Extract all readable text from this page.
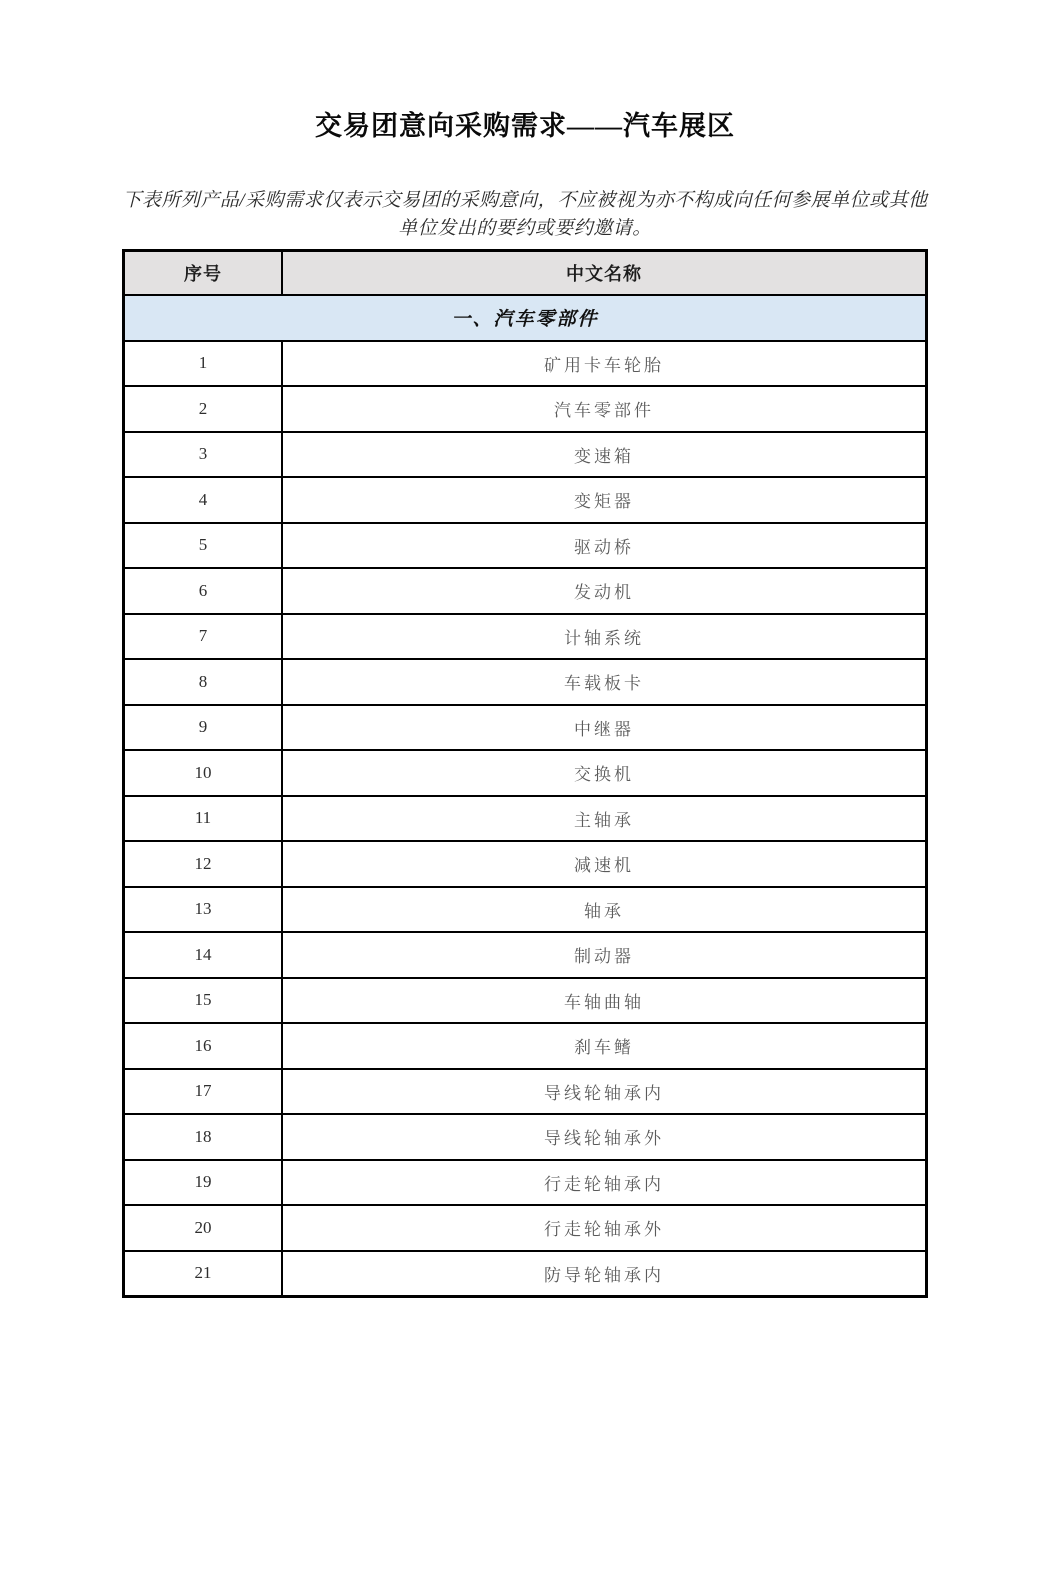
交易团意向采购需求——汽车展区

下表所列产品/采购需求仅表示交易团的采购意向，不应被视为亦不构成向任何参展单位或其他单位发出的要约或要约邀请。

序号	中文名称
一、汽车零部件	
1	矿用卡车轮胎
2	汽车零部件
3	变速箱
4	变矩器
5	驱动桥
6	发动机
7	计轴系统
8	车载板卡
9	中继器
10	交换机
11	主轴承
12	减速机
13	轴承
14	制动器
15	车轴曲轴
16	刹车鳍
17	导线轮轴承内
18	导线轮轴承外
19	行走轮轴承内
20	行走轮轴承外
21	防导轮轴承内
